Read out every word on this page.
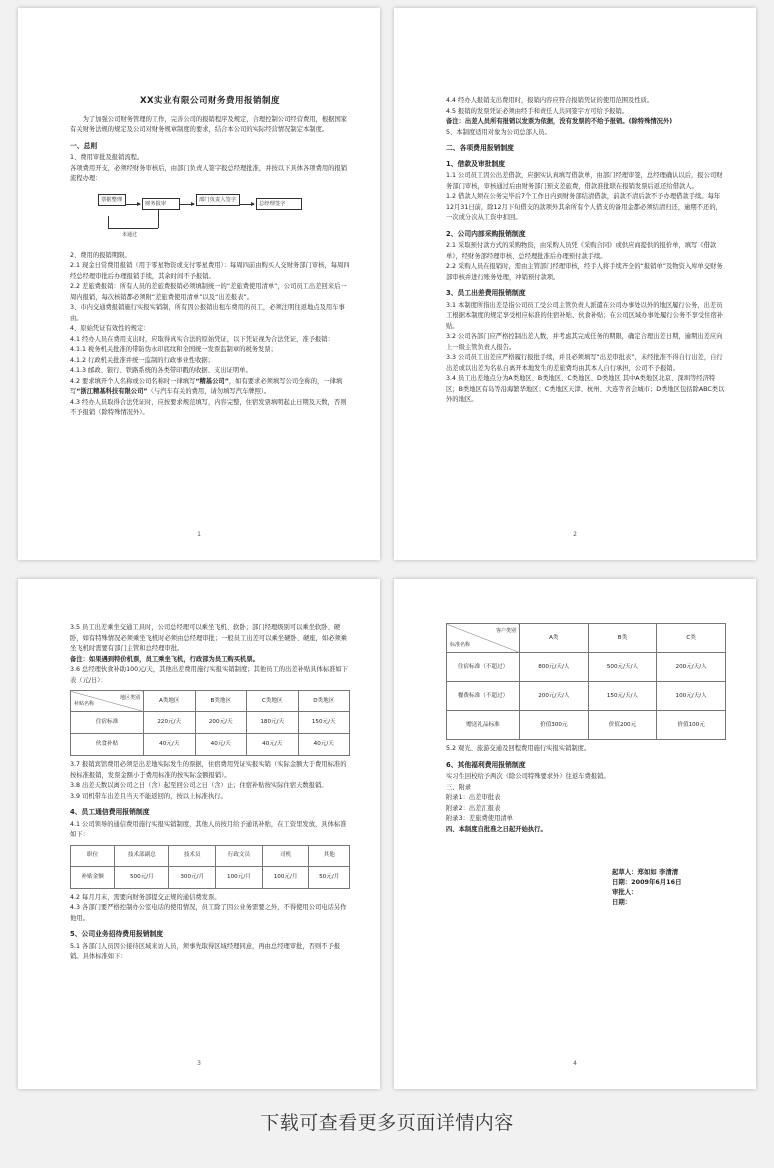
XX实业有限公司财务费用报销制度

为了加强公司财务管理的工作，完善公司的报销程序及规定，合理控制公司经营费用，根据国家有关财务法规的规定及公司对财务规章制度的要求，结合本公司的实际经营情况制定本制度。

一、总则

1、费用审批及报销流程。

各项费用开支，必须经财务审核后，由部门负责人签字报总经理批准，并按以下具体各项费用的报销流程办理：

票据整理
财务报审
部门负责人签字
总经理签字
未通过

2、费用的报销期限。

2.1 现金日常费用报销（用于零星物资或支付零星费用）：每周四前由购买人交财务部门审核，每周四经总经理审批后办理报销手续，其余时间不予报销。

2.2 差旅费报销：所有人员的差旅费报销必须填制统一的“差旅费使用清单”，公司员工出差回来后一周内报销，每次核销都必须附“差旅费使用清单”以及“出差报表”。

3、市内交通费报销施行实报实销制，所有因公报销出租车费用的员工，必须注明往返地点及用车事由。

4、原始凭证有效性的规定：

4.1 经办人员在费用支出时，应取得真实合法的原始凭证，以下凭证视为合法凭证，准予报销：

4.1.1 税务机关批准的带防伪水印底纹和全国统一发票监制章的税务发票；

4.1.2 行政机关批准并统一监制的行政事业性收据；

4.1.3 邮政、银行、铁路系统的各类带印戳的收据、支出证明单。

4.2 要求填开个人名称或公司名称时一律填写“精基公司”，如有要求必须填写公司全称的，一律填写“浙江精基科技有限公司”（与汽车有关的费用，请勿填写汽车牌照）。

4.3 经办人员取得合法凭证时，应按要求规范填写，内容完整，住宿发票填明起止日期及天数，否则不予报销（除特殊情况外）。

1

4.4 经办人报销支出费用时，报销内容应符合报销凭证的使用范围及性质。

4.5 报销的发票凭证必须由经手和责任人共同签字方可给予报销。

备注：出差人员所有报销以发票为依据，没有发票的不给予报销。(除特殊情况外)

5、本制度适用对象为公司总部人员。

二、各项费用报销制度
1、借款及审批制度

1.1 公司员工因公出差借款，应据实认真填写借款单，由部门经理审签，总经理确认以后，报公司财务部门审核，审核通过后由财务部门预支差旅费，借款准批联在报销发票后返还给借款人。

1.2 借款人须在公务完毕后7个工作日内到财务部结清借款，前款不清后款不予办理借款手续。每年12月31日前，除12月下旬借支的款项外其余所有个人借支的备用金都必须结清归还，逾期不还的，一次或分次从工资中扣回。

2、公司内部采购报销制度

2.1 采取预付款方式的采购物资，由采购人员凭《采购合同》或供应商提供的报价单，填写《借款单》，经财务部经理审核、总经理批准后办理预付款手续。

2.2 采购人员在报销时，需由主管部门经理审核，经手人将手续齐全的“报销单”及物资入库单交财务部审核并进行账务处理，冲销预付款项。

3、员工出差费用报销制度

3.1 本制度所指出差是指公司员工受公司主管负责人派遣在公司办事处以外的地区履行公务，出差员工根据本制度的规定享受相应标准的住宿补贴、伙食补贴；在公司区域办事处履行公务不享受住宿补贴。

3.2 公司各部门应严格控制出差人数，并考虑其完成任务的期限，确定合理出差日期，逾期出差应向上一级主管负责人报告。

3.3 公司员工出差应严格履行报批手续，并且必须填写“出差审批表”，未经批准不得自行出差，自行出差或以出差为名私自离开本地发生的差旅费均由其本人自行承担，公司不予报销。

3.4 员工出差地点分为A类地区、B类地区、C类地区、D类地区 其中A类地区北京、深圳等经济特区；B类地区有岛等沿海繁华地区；C类地区天津、杭州、大连等省会城市；D类地区包括除ABC类以外的地区。

2

3.5 员工出差乘坐交通工具时，公司总经理可以乘坐飞机、软卧；部门经理级别可以乘坐软卧、硬卧，如有特殊情况必须乘坐飞机时必须由总经理审批；一般员工出差可以乘坐硬卧、硬座，如必须乘坐飞机时需要有部门主管和总经理审批。

备注：如果遇到特价机票，员工乘坐飞机，行政部为员工购买机票。

3.6 总经理伙食补助100元/天，其他出差费用施行实报实销制度；其他员工的出差补贴具体标准如下表（元/日）：

地区类别
补贴名称	A类地区	B类地区	C类地区	D类地区
住宿标准	220元/天	200元/天	180元/天	150元/天
伙食补贴	40元/天	40元/天	40元/天	40元/天

3.7 报销宾馆费用必须是出差地实际发生的票据，住宿费用凭证实报实销（实际金额大于费用标准的按标准报销，发票金额小于费用标准的按实际金额报销）。

3.8 出差天数以离公司之日（含）起至回公司之日（含）止；住宿补贴按实际住宿天数报销。

3.9 司机带车出差且当天不能返回的，按以上标准执行。

4、员工通信费用报销制度

4.1 公司领导的通信费用施行实报实销制度，其他人员按月给予通讯补贴，在工资里发放，具体标准如下：

职位	技术部副总	技术员	行政文员	司机	其他
补贴金额	500元/月	300元/月	100元/月	100元/月	50元/月

4.2 每月月末，需要向财务部提交正规的通信费发票。

4.3 各部门要严格控制办公室电话的使用情况，员工除了因公业务需要之外，不得使用公司电话另作他用。

5、公司业务招待费用报销制度

5.1 各部门人员因公接待区域来访人员，须事先取得区域经理同意，再由总经理审批，否则不予报销。具体标准如下：

3
客户类别
标准名称	A类	B类	C类
住宿标准（不超过）	800元/天/人	500元/天/人	200元/天/人
餐费标准（不超过）	200元/天/人	150元/天/人	100元/天/人
赠送礼品标准	价值300元	价值200元	价值100元

5.2 观光、旅游交通及回程费用施行实报实销制度。

6、其他福利费用报销制度

实习生回校给予两次（除公司特殊要求外）往返车费报销。

三、附录

附录1：出差审批表

附录2：出差汇报表

附录3：差旅费使用清单

四、本制度自批准之日起开始执行。

起草人：郑如如 李清清
日期：2009年6月16日
审批人：
日期：
4
下载可查看更多页面详情内容
